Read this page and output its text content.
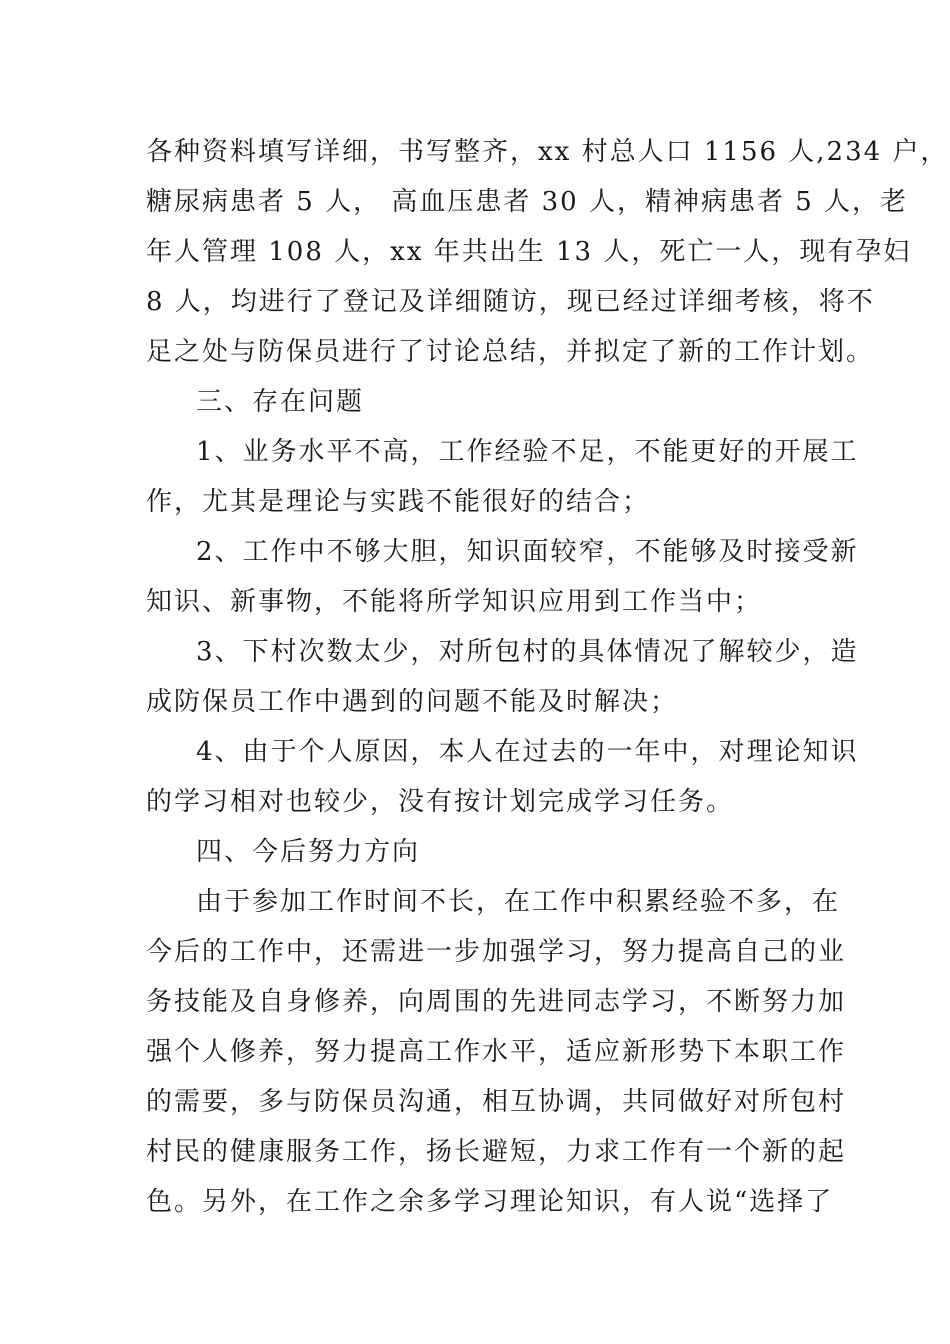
各种资料填写详细，书写整齐，xx 村总人口 1156 人,234 户，
糖尿病患者 5 人， 高血压患者 30 人，精神病患者 5 人，老
年人管理 108 人，xx 年共出生 13 人，死亡一人，现有孕妇
8 人，均进行了登记及详细随访，现已经过详细考核，将不
足之处与防保员进行了讨论总结，并拟定了新的工作计划。
三、存在问题
1、业务水平不高，工作经验不足，不能更好的开展工
作，尤其是理论与实践不能很好的结合；
2、工作中不够大胆，知识面较窄，不能够及时接受新
知识、新事物，不能将所学知识应用到工作当中；
3、下村次数太少，对所包村的具体情况了解较少，造
成防保员工作中遇到的问题不能及时解决；
4、由于个人原因，本人在过去的一年中，对理论知识
的学习相对也较少，没有按计划完成学习任务。
四、今后努力方向
由于参加工作时间不长，在工作中积累经验不多，在
今后的工作中，还需进一步加强学习，努力提高自己的业
务技能及自身修养，向周围的先进同志学习，不断努力加
强个人修养，努力提高工作水平，适应新形势下本职工作
的需要，多与防保员沟通，相互协调，共同做好对所包村
村民的健康服务工作，扬长避短，力求工作有一个新的起
色。另外，在工作之余多学习理论知识，有人说“选择了
